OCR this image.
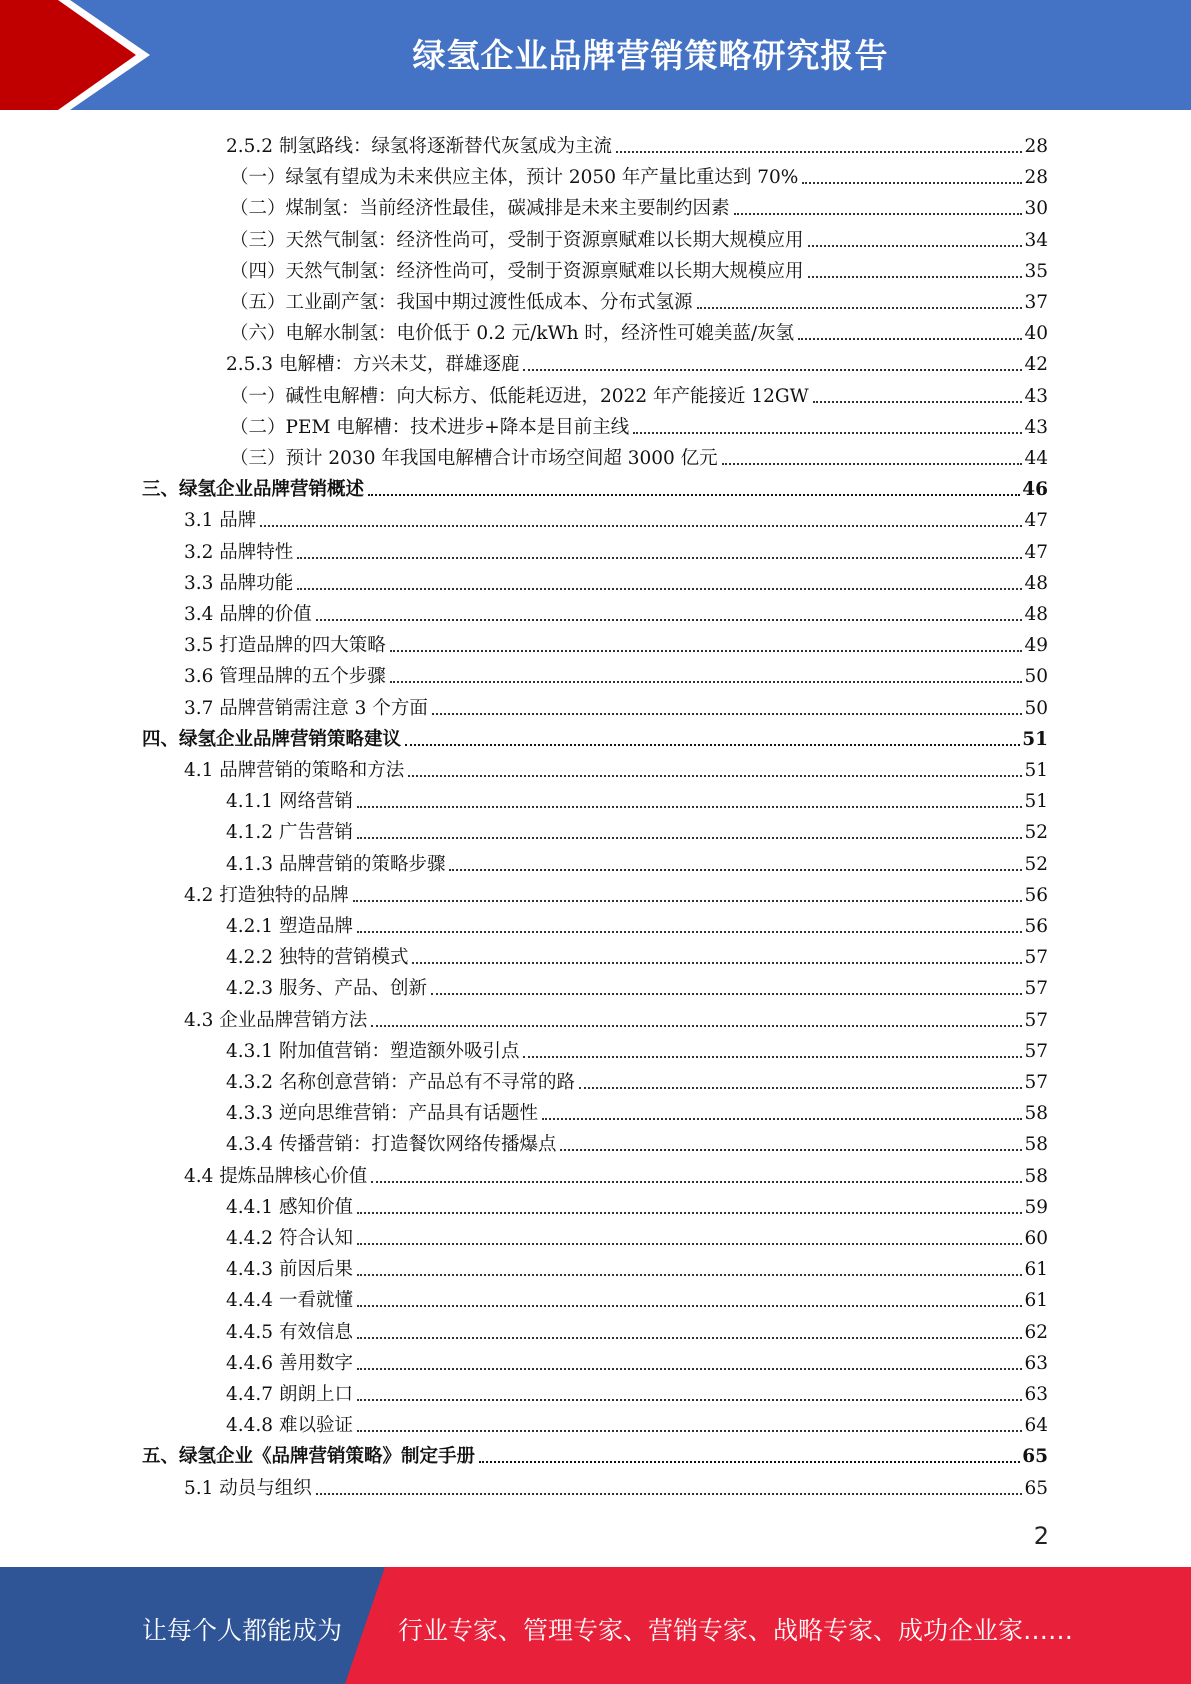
绿氢企业品牌营销策略研究报告
2.5.2 制氢路线：绿氢将逐渐替代灰氢成为主流	28
（一）绿氢有望成为未来供应主体，预计 2050 年产量比重达到 70%	28
（二）煤制氢：当前经济性最佳，碳减排是未来主要制约因素	30
（三）天然气制氢：经济性尚可，受制于资源禀赋难以长期大规模应用	34
（四）天然气制氢：经济性尚可，受制于资源禀赋难以长期大规模应用	35
（五）工业副产氢：我国中期过渡性低成本、分布式氢源	37
（六）电解水制氢：电价低于 0.2 元/kWh 时，经济性可媲美蓝/灰氢	40
2.5.3 电解槽：方兴未艾，群雄逐鹿	42
（一）碱性电解槽：向大标方、低能耗迈进，2022 年产能接近 12GW	43
（二）PEM 电解槽：技术进步+降本是目前主线	43
（三）预计 2030 年我国电解槽合计市场空间超 3000 亿元	44
三、绿氢企业品牌营销概述	46
3.1 品牌	47
3.2 品牌特性	47
3.3 品牌功能	48
3.4 品牌的价值	48
3.5 打造品牌的四大策略	49
3.6 管理品牌的五个步骤	50
3.7 品牌营销需注意 3 个方面	50
四、绿氢企业品牌营销策略建议	51
4.1 品牌营销的策略和方法	51
4.1.1 网络营销	51
4.1.2 广告营销	52
4.1.3 品牌营销的策略步骤	52
4.2 打造独特的品牌	56
4.2.1 塑造品牌	56
4.2.2 独特的营销模式	57
4.2.3 服务、产品、创新	57
4.3 企业品牌营销方法	57
4.3.1 附加值营销：塑造额外吸引点	57
4.3.2 名称创意营销：产品总有不寻常的路	57
4.3.3 逆向思维营销：产品具有话题性	58
4.3.4 传播营销：打造餐饮网络传播爆点	58
4.4 提炼品牌核心价值	58
4.4.1 感知价值	59
4.4.2 符合认知	60
4.4.3 前因后果	61
4.4.4 一看就懂	61
4.4.5 有效信息	62
4.4.6 善用数字	63
4.4.7 朗朗上口	63
4.4.8 难以验证	64
五、绿氢企业《品牌营销策略》制定手册	65
5.1 动员与组织	65
2
让每个人都能成为 行业专家、管理专家、营销专家、战略专家、成功企业家……
